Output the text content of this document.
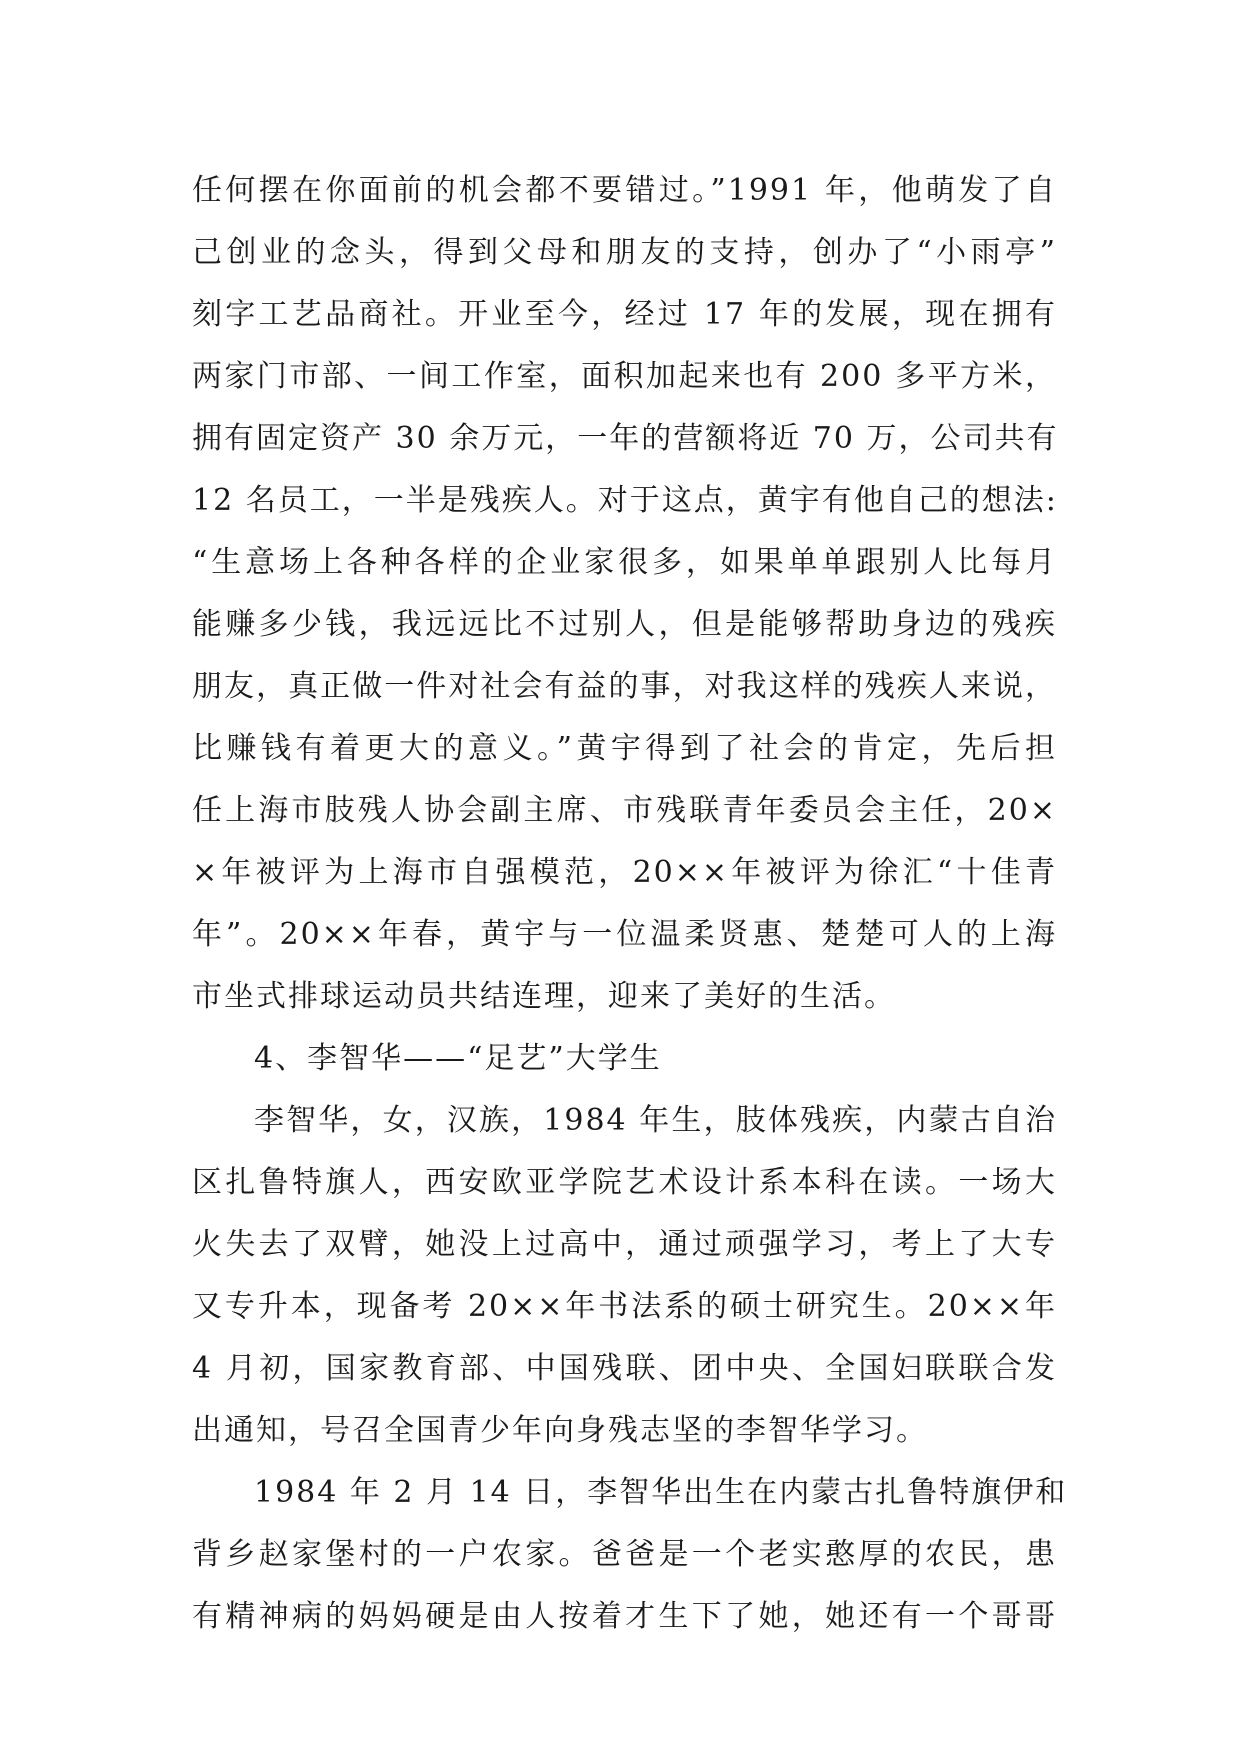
任何摆在你面前的机会都不要错过。”1991 年，他萌发了自
己创业的念头，得到父母和朋友的支持，创办了“小雨亭”
刻字工艺品商社。开业至今，经过 17 年的发展，现在拥有
两家门市部、一间工作室，面积加起来也有 200 多平方米，
拥有固定资产 30 余万元，一年的营额将近 70 万，公司共有
12 名员工，一半是残疾人。对于这点，黄宇有他自己的想法:
“生意场上各种各样的企业家很多，如果单单跟别人比每月
能赚多少钱，我远远比不过别人，但是能够帮助身边的残疾
朋友，真正做一件对社会有益的事，对我这样的残疾人来说，
比赚钱有着更大的意义。”黄宇得到了社会的肯定，先后担
任上海市肢残人协会副主席、市残联青年委员会主任，20×
×年被评为上海市自强模范，20××年被评为徐汇“十佳青
年”。20××年春，黄宇与一位温柔贤惠、楚楚可人的上海
市坐式排球运动员共结连理，迎来了美好的生活。
4、李智华——“足艺”大学生
李智华，女，汉族，1984 年生，肢体残疾，内蒙古自治
区扎鲁特旗人，西安欧亚学院艺术设计系本科在读。一场大
火失去了双臂，她没上过高中，通过顽强学习，考上了大专
又专升本，现备考 20××年书法系的硕士研究生。20××年
4 月初，国家教育部、中国残联、团中央、全国妇联联合发
出通知，号召全国青少年向身残志坚的李智华学习。
1984 年 2 月 14 日，李智华出生在内蒙古扎鲁特旗伊和
背乡赵家堡村的一户农家。爸爸是一个老实憨厚的农民，患
有精神病的妈妈硬是由人按着才生下了她，她还有一个哥哥
